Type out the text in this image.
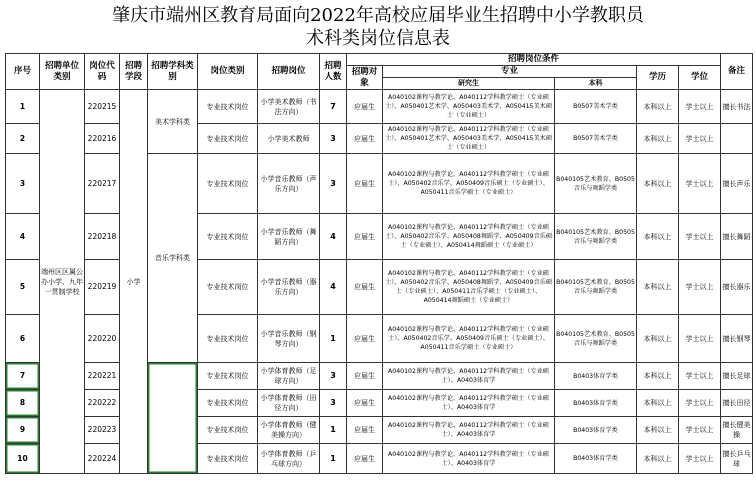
肇庆市端州区教育局面向2022年高校应届毕业生招聘中小学教职员
术科类岗位信息表
序号	招聘单位类别	岗位代码	招聘学段	招聘学科类别	岗位类别	招聘岗位	招聘人数	招聘岗位条件					备注
								招聘对象	专业		学历	学位	
									研究生	本科			
1	端州区区属公办小学、九年一贯制学校	220215	小学	美术学科类	专业技术岗位	小学美术教师（书法方向）	7	应届生	A040102课程与教学论、A040112学科教学硕士（专业硕士）、A050401艺术学、A050403美术学、A050415美术硕士（专业硕士）	B0507美术学类	本科以上	学士以上	擅长书法
2		220216			专业技术岗位	小学美术教师	3	应届生	A040102课程与教学论、A040112学科教学硕士（专业硕士）、A050401艺术学、A050403美术学、A050415美术硕士（专业硕士）	B0507美术学类	本科以上	学士以上	
3		220217		音乐学科类	专业技术岗位	小学音乐教师（声乐方向）	3	应届生	A040102课程与教学论、A040112学科教学硕士（专业硕士）、A050402音乐学、A050409音乐硕士（专业硕士）、A050411音乐学硕士（专业硕士）	B040105艺术教育、B0505音乐与舞蹈学类	本科以上	学士以上	擅长声乐
4		220218			专业技术岗位	小学音乐教师（舞蹈方向）	4	应届生	A040102课程与教学论、A040112学科教学硕士（专业硕士）、A050402音乐学、A050408舞蹈学、A050409音乐硕士（专业硕士）、A050414舞蹈硕士（专业硕士）	B040105艺术教育、B0505音乐与舞蹈学类	本科以上	学士以上	擅长舞蹈
5		220219			专业技术岗位	小学音乐教师（器乐方向）	4	应届生	A040102课程与教学论、A040112学科教学硕士（专业硕士）、A050402音乐学、A050408舞蹈学、A050409音乐硕士（专业硕士）、A050411音乐学硕士（专业硕士）、A050414舞蹈硕士（专业硕士）	B040105艺术教育、B0505音乐与舞蹈学类	本科以上	学士以上	擅长器乐
6		220220			专业技术岗位	小学音乐教师（钢琴方向）	1	应届生	A040102课程与教学论、A040112学科教学硕士（专业硕士）、A050402音乐学、A050409音乐硕士（专业硕士）、A050411音乐学硕士（专业硕士）	B040105艺术教育、B0505音乐与舞蹈学类	本科以上	学士以上	擅长钢琴
7		220221			专业技术岗位	小学体育教师（足球方向）	3	应届生	A040102课程与教学论、A040112学科教学硕士（专业硕士）、A0403体育学	B0403体育学类	本科以上	学士以上	擅长足球
8		220222			专业技术岗位	小学体育教师（田径方向）	3	应届生	A040102课程与教学论、A040112学科教学硕士（专业硕士）、A0403体育学	B0403体育学类	本科以上	学士以上	擅长田径
9		220223			专业技术岗位	小学体育教师（健美操方向）	1	应届生	A040102课程与教学论、A040112学科教学硕士（专业硕士）、A0403体育学	B0403体育学类	本科以上	学士以上	擅长健美操
10		220224			专业技术岗位	小学体育教师（乒乓球方向）	1	应届生	A040102课程与教学论、A040112学科教学硕士（专业硕士）、A0403体育学	B0403体育学类	本科以上	学士以上	擅长乒乓球
